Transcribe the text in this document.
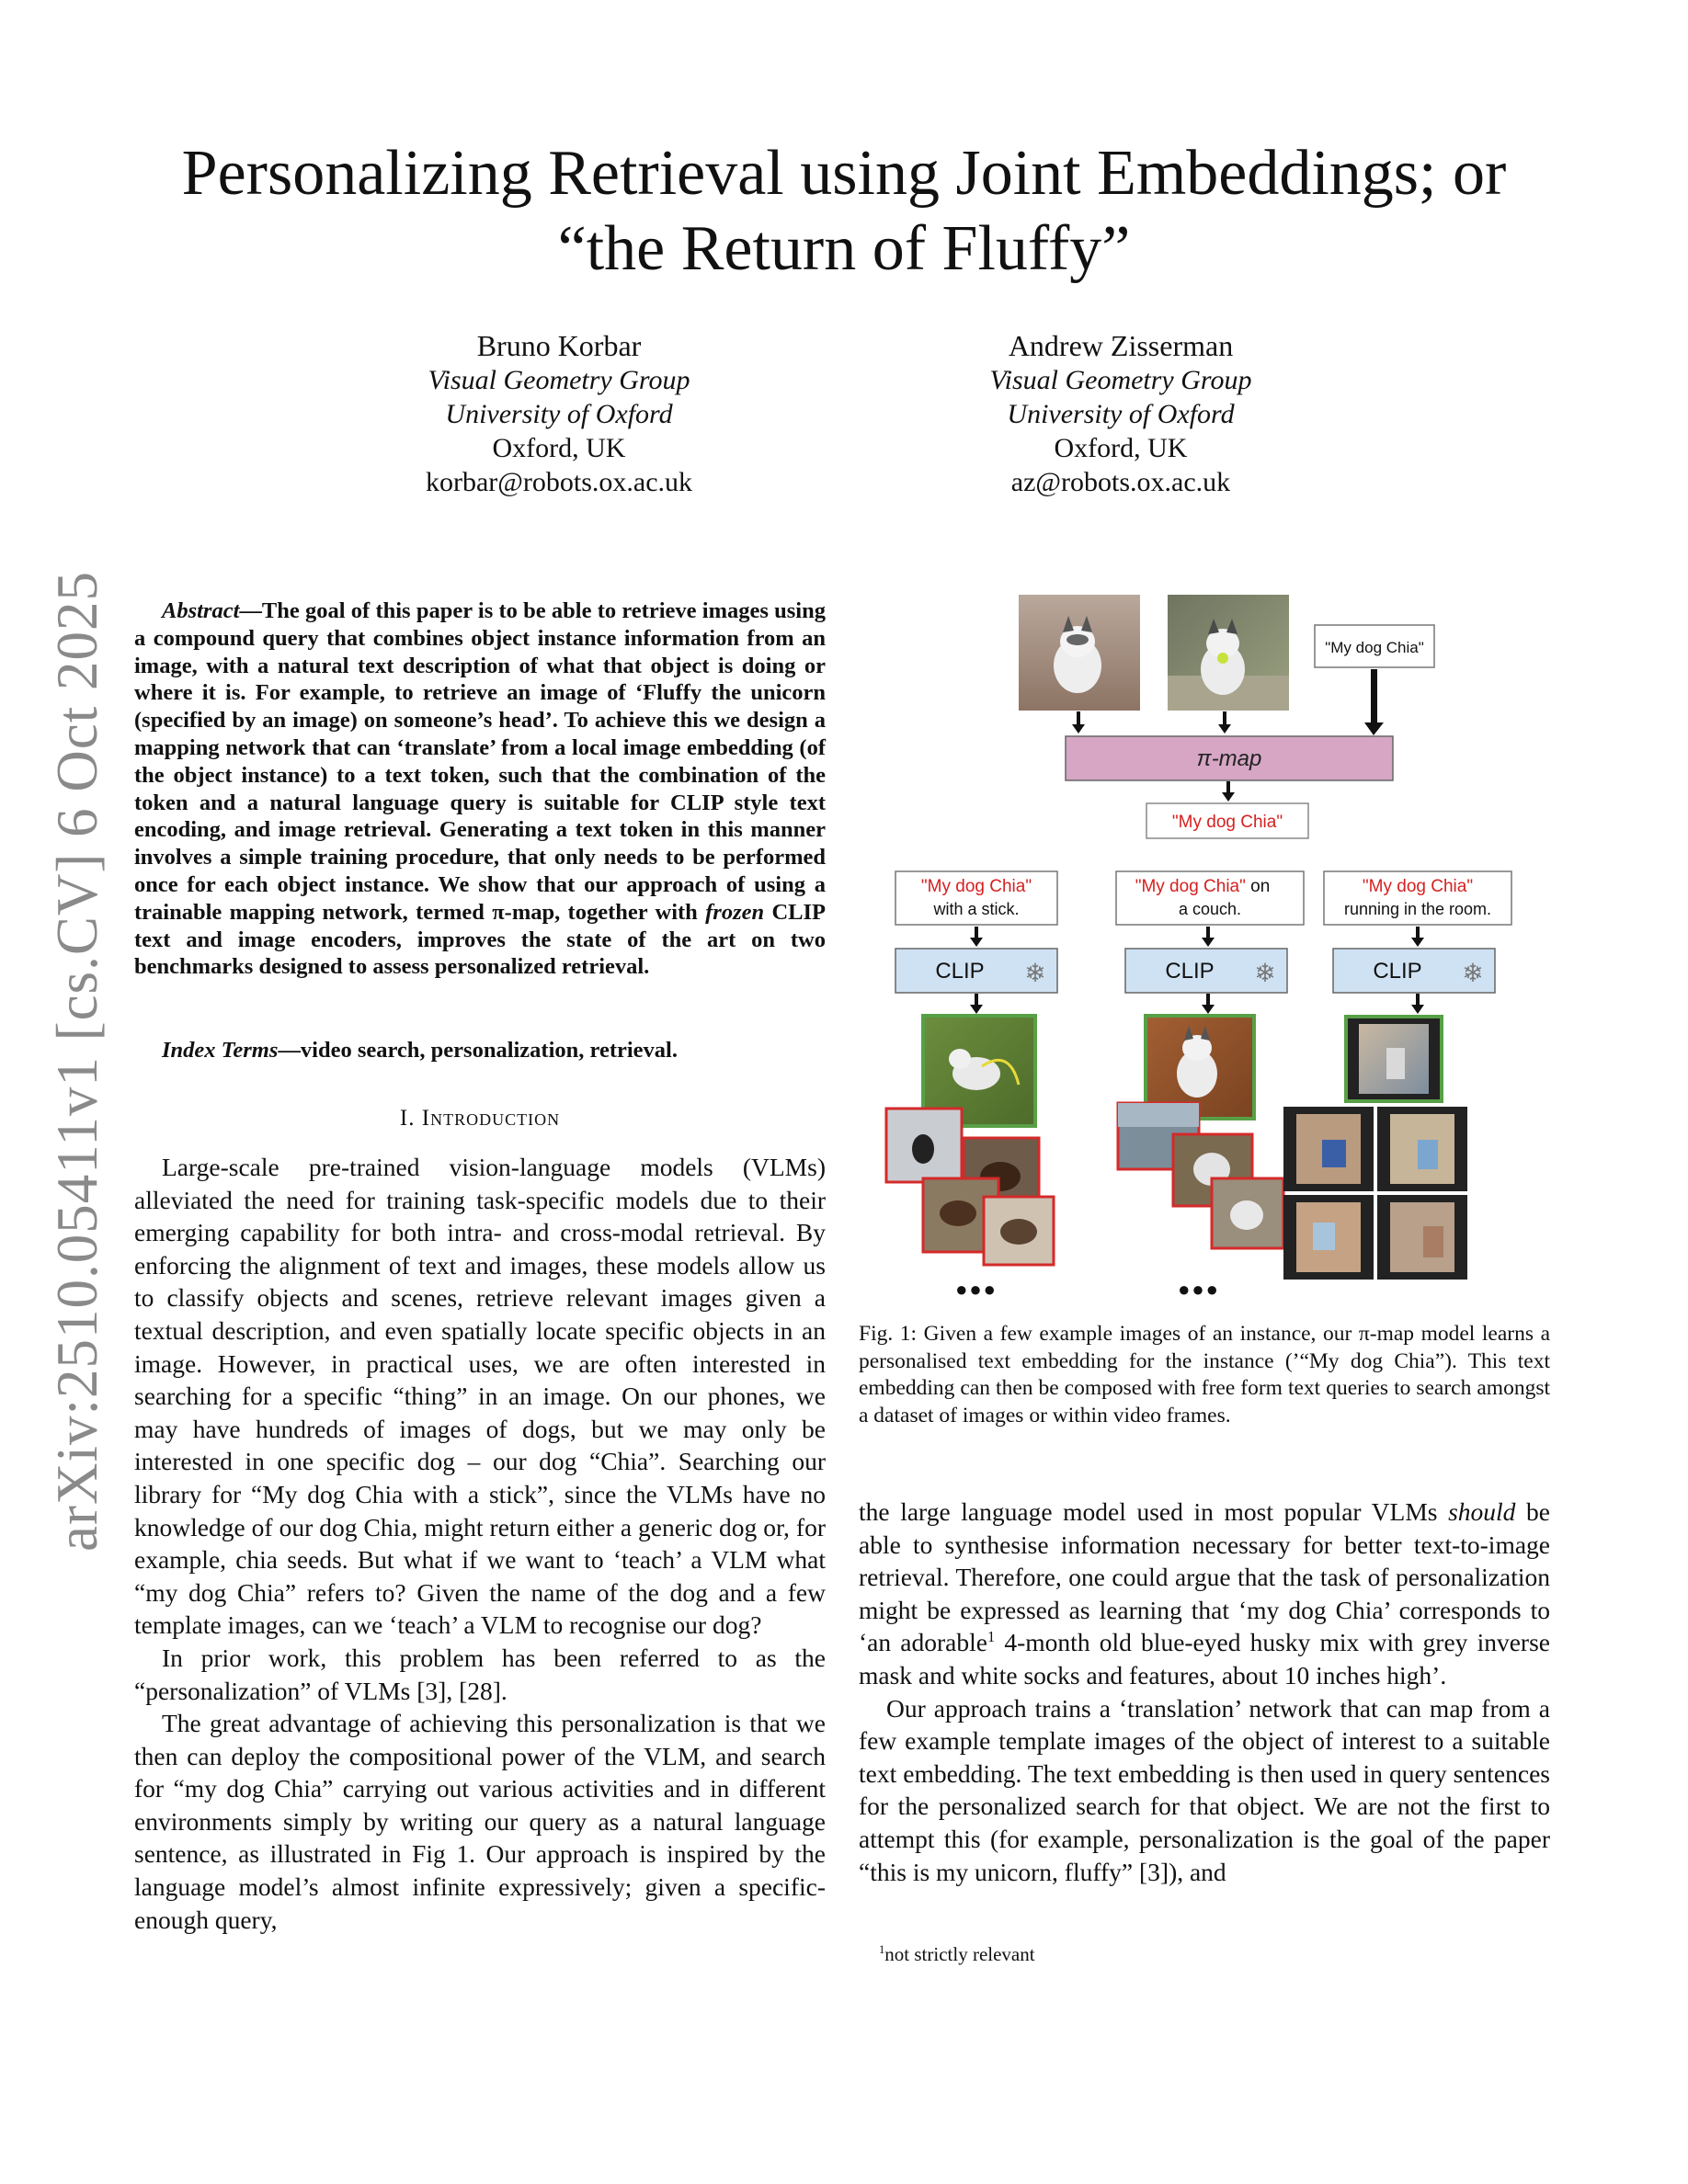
arXiv:2510.05411v1 [cs.CV] 6 Oct 2025
Personalizing Retrieval using Joint Embeddings; or “the Return of Fluffy”
Bruno Korbar
Visual Geometry Group
University of Oxford
Oxford, UK
korbar@robots.ox.ac.uk
Andrew Zisserman
Visual Geometry Group
University of Oxford
Oxford, UK
az@robots.ox.ac.uk

Abstract—The goal of this paper is to be able to retrieve images using a compound query that combines object instance information from an image, with a natural text description of what that object is doing or where it is. For example, to retrieve an image of ‘Fluffy the unicorn (specified by an image) on someone’s head’. To achieve this we design a mapping network that can ‘translate’ from a local image embedding (of the object instance) to a text token, such that the combination of the token and a natural language query is suitable for CLIP style text encoding, and image retrieval. Generating a text token in this manner involves a simple training procedure, that only needs to be performed once for each object instance. We show that our approach of using a trainable mapping network, termed π-map, together with frozen CLIP text and image encoders, improves the state of the art on two benchmarks designed to assess personalized retrieval.

Index Terms—video search, personalization, retrieval.

I. Introduction

Large-scale pre-trained vision-language models (VLMs) alleviated the need for training task-specific models due to their emerging capability for both intra- and cross-modal retrieval. By enforcing the alignment of text and images, these models allow us to classify objects and scenes, retrieve relevant images given a textual description, and even spatially locate specific objects in an image. However, in practical uses, we are often interested in searching for a specific “thing” in an image. On our phones, we may have hundreds of images of dogs, but we may only be interested in one specific dog – our dog “Chia”. Searching our library for “My dog Chia with a stick”, since the VLMs have no knowledge of our dog Chia, might return either a generic dog or, for example, chia seeds. But what if we want to ‘teach’ a VLM what “my dog Chia” refers to? Given the name of the dog and a few template images, can we ‘teach’ a VLM to recognise our dog?

In prior work, this problem has been referred to as the “personalization” of VLMs [3], [28].

The great advantage of achieving this personalization is that we then can deploy the compositional power of the VLM, and search for “my dog Chia” carrying out various activities and in different environments simply by writing our query as a natural language sentence, as illustrated in Fig 1. Our approach is inspired by the language model’s almost infinite expressively; given a specific-enough query,

"My dog Chia"
π-map
"My dog Chia"
"My dog Chia"
with a stick.
"My dog Chia" on
a couch.
"My dog Chia"
running in the room.
CLIP ❄	CLIP ❄	CLIP ❄
●●●	●●●

Fig. 1: Given a few example images of an instance, our π-map model learns a personalised text embedding for the instance (’“My dog Chia”). This text embedding can then be composed with free form text queries to search amongst a dataset of images or within video frames.

the large language model used in most popular VLMs should be able to synthesise information necessary for better text-to-image retrieval. Therefore, one could argue that the task of personalization might be expressed as learning that ‘my dog Chia’ corresponds to ‘an adorable$^1$ 4-month old blue-eyed husky mix with grey inverse mask and white socks and features, about 10 inches high’.

Our approach trains a ‘translation’ network that can map from a few example template images of the object of interest to a suitable text embedding. The text embedding is then used in query sentences for the personalized search for that object. We are not the first to attempt this (for example, personalization is the goal of the paper “this is my unicorn, fluffy” [3]), and

$^1$not strictly relevant
